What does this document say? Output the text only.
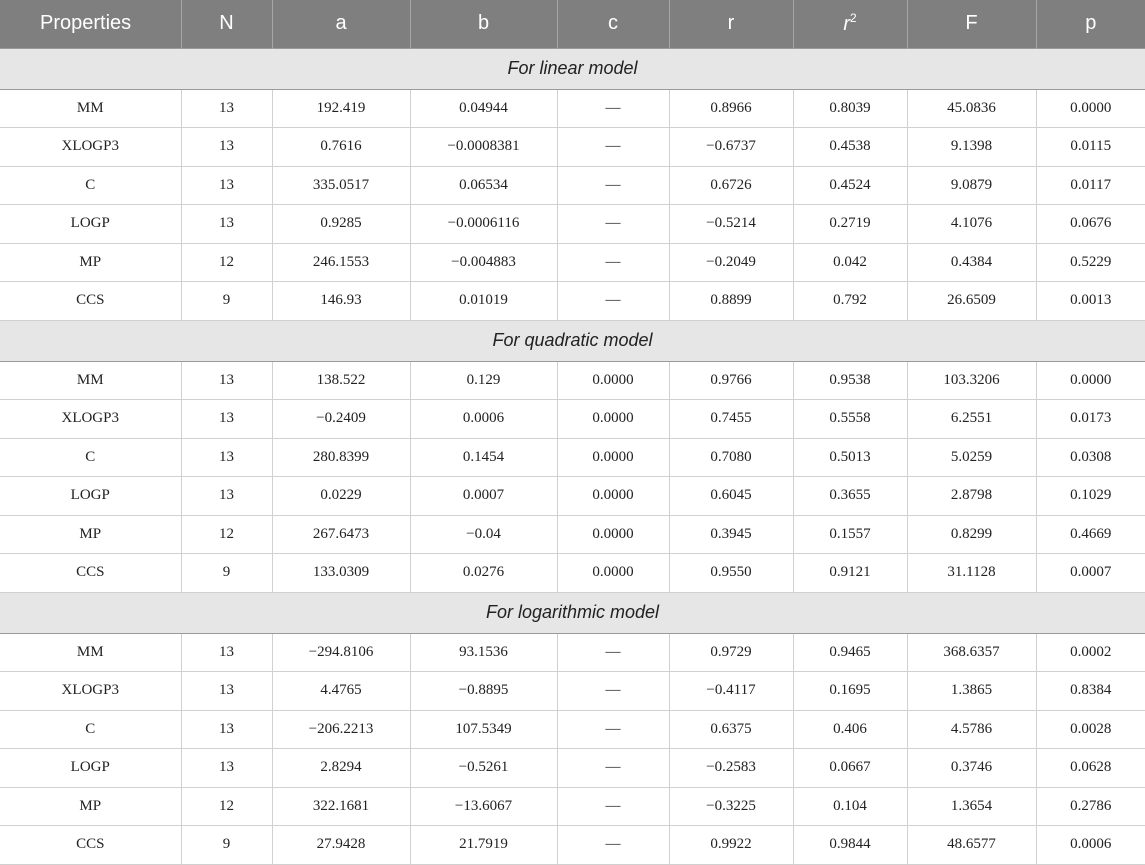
Properties	N	a	b	c	r	$r^2$	F	p
For linear model								
MM	13	192.419	0.04944	—	0.8966	0.8039	45.0836	0.0000
XLOGP3	13	0.7616	−0.0008381	—	−0.6737	0.4538	9.1398	0.0115
C	13	335.0517	0.06534	—	0.6726	0.4524	9.0879	0.0117
LOGP	13	0.9285	−0.0006116	—	−0.5214	0.2719	4.1076	0.0676
MP	12	246.1553	−0.004883	—	−0.2049	0.042	0.4384	0.5229
CCS	9	146.93	0.01019	—	0.8899	0.792	26.6509	0.0013
For quadratic model								
MM	13	138.522	0.129	0.0000	0.9766	0.9538	103.3206	0.0000
XLOGP3	13	−0.2409	0.0006	0.0000	0.7455	0.5558	6.2551	0.0173
C	13	280.8399	0.1454	0.0000	0.7080	0.5013	5.0259	0.0308
LOGP	13	0.0229	0.0007	0.0000	0.6045	0.3655	2.8798	0.1029
MP	12	267.6473	−0.04	0.0000	0.3945	0.1557	0.8299	0.4669
CCS	9	133.0309	0.0276	0.0000	0.9550	0.9121	31.1128	0.0007
For logarithmic model								
MM	13	−294.8106	93.1536	—	0.9729	0.9465	368.6357	0.0002
XLOGP3	13	4.4765	−0.8895	—	−0.4117	0.1695	1.3865	0.8384
C	13	−206.2213	107.5349	—	0.6375	0.406	4.5786	0.0028
LOGP	13	2.8294	−0.5261	—	−0.2583	0.0667	0.3746	0.0628
MP	12	322.1681	−13.6067	—	−0.3225	0.104	1.3654	0.2786
CCS	9	27.9428	21.7919	—	0.9922	0.9844	48.6577	0.0006
